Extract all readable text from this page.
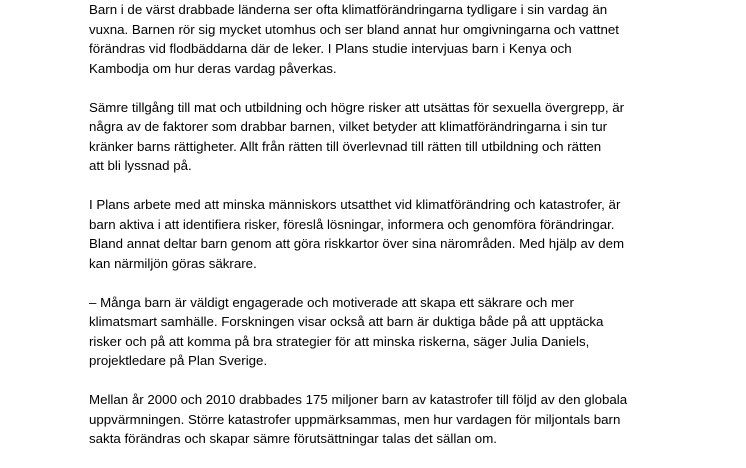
Barn i de värst drabbade länderna ser ofta klimatförändringarna tydligare i sin vardag än
vuxna. Barnen rör sig mycket utomhus och ser bland annat hur omgivningarna och vattnet
förändras vid flodbäddarna där de leker. I Plans studie intervjuas barn i Kenya och
Kambodja om hur deras vardag påverkas.

Sämre tillgång till mat och utbildning och högre risker att utsättas för sexuella övergrepp, är
några av de faktorer som drabbar barnen, vilket betyder att klimatförändringarna i sin tur
kränker barns rättigheter. Allt från rätten till överlevnad till rätten till utbildning och rätten
att bli lyssnad på.

I Plans arbete med att minska människors utsatthet vid klimatförändring och katastrofer, är
barn aktiva i att identifiera risker, föreslå lösningar, informera och genomföra förändringar.
Bland annat deltar barn genom att göra riskkartor över sina närområden. Med hjälp av dem
kan närmiljön göras säkrare.

– Många barn är väldigt engagerade och motiverade att skapa ett säkrare och mer
klimatsmart samhälle. Forskningen visar också att barn är duktiga både på att upptäcka
risker och på att komma på bra strategier för att minska riskerna, säger Julia Daniels,
projektledare på Plan Sverige.

Mellan år 2000 och 2010 drabbades 175 miljoner barn av katastrofer till följd av den globala
uppvärmningen. Större katastrofer uppmärksammas, men hur vardagen för miljontals barn
sakta förändras och skapar sämre förutsättningar talas det sällan om.
